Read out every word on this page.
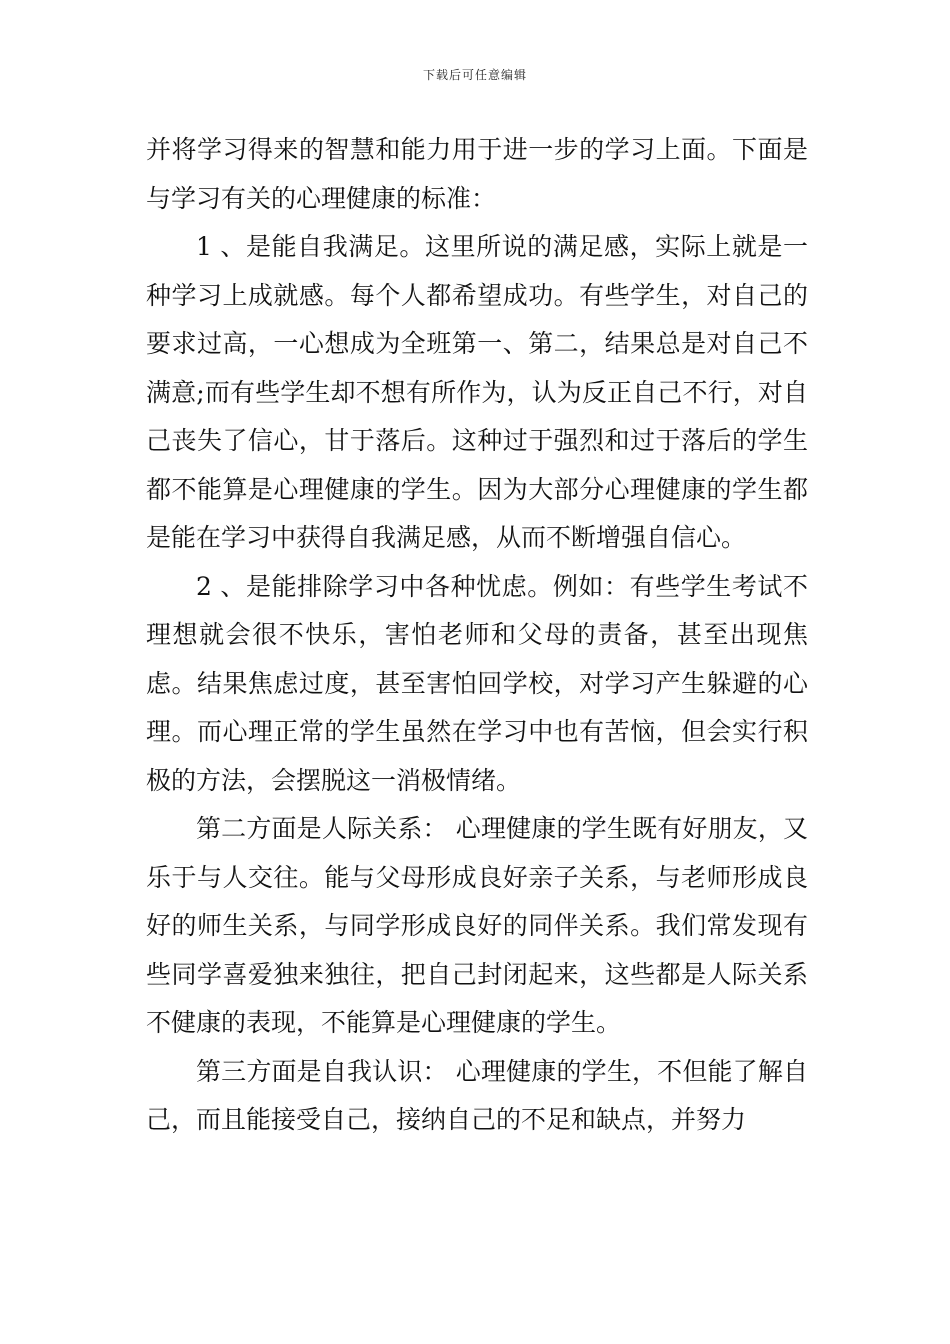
下载后可任意编辑

并将学习得来的智慧和能力用于进一步的学习上面。下面是与学习有关的心理健康的标准：

1 、是能自我满足。这里所说的满足感，实际上就是一种学习上成就感。每个人都希望成功。有些学生，对自己的要求过高，一心想成为全班第一、第二，结果总是对自己不满意;而有些学生却不想有所作为，认为反正自己不行，对自己丧失了信心，甘于落后。这种过于强烈和过于落后的学生都不能算是心理健康的学生。因为大部分心理健康的学生都是能在学习中获得自我满足感，从而不断增强自信心。

2 、是能排除学习中各种忧虑。例如：有些学生考试不理想就会很不快乐，害怕老师和父母的责备，甚至出现焦虑。结果焦虑过度，甚至害怕回学校，对学习产生躲避的心理。而心理正常的学生虽然在学习中也有苦恼，但会实行积极的方法，会摆脱这一消极情绪。

第二方面是人际关系： 心理健康的学生既有好朋友，又乐于与人交往。能与父母形成良好亲子关系，与老师形成良好的师生关系，与同学形成良好的同伴关系。我们常发现有些同学喜爱独来独往，把自己封闭起来，这些都是人际关系不健康的表现，不能算是心理健康的学生。

第三方面是自我认识： 心理健康的学生，不但能了解自己，而且能接受自己，接纳自己的不足和缺点，并努力
